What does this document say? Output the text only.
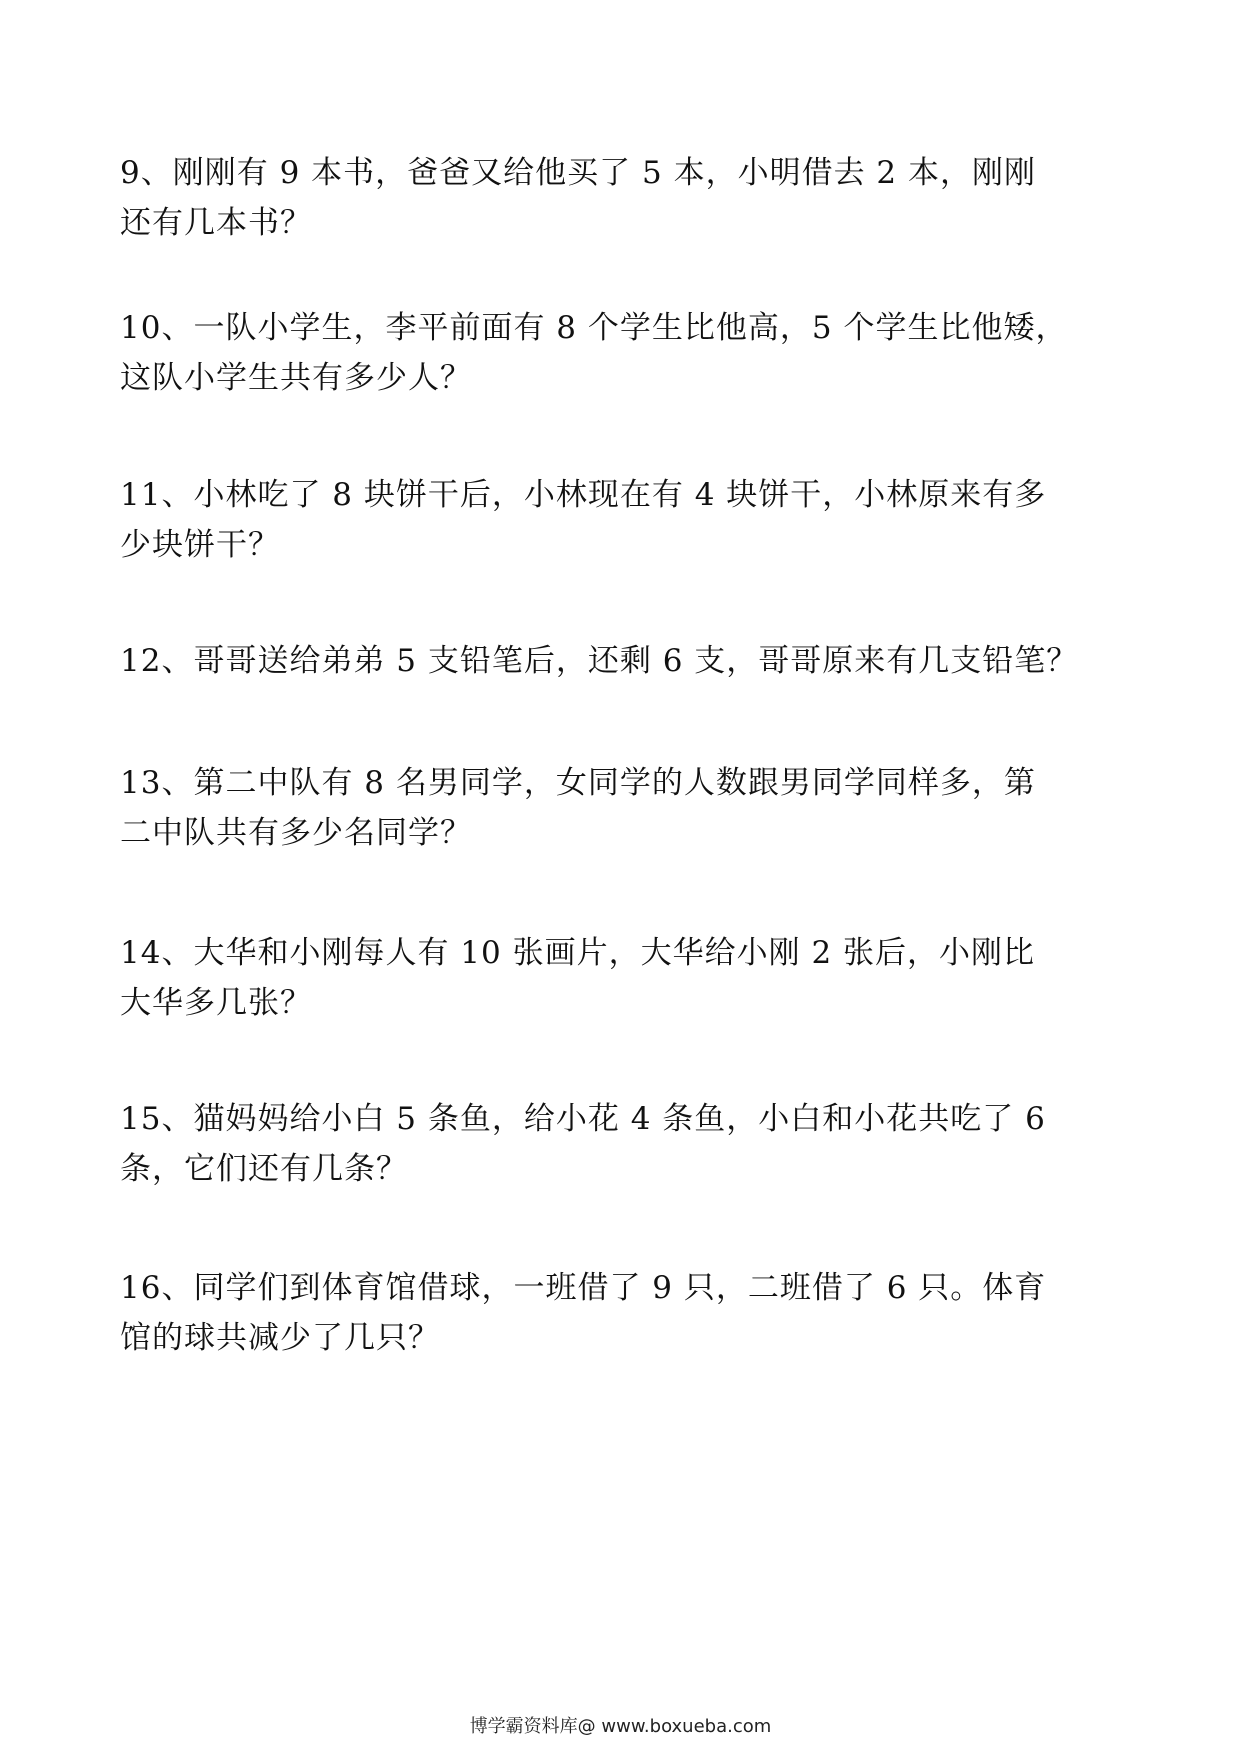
9、刚刚有 9 本书，爸爸又给他买了 5 本，小明借去 2 本，刚刚
还有几本书？
10、一队小学生，李平前面有 8 个学生比他高，5 个学生比他矮，
这队小学生共有多少人？
11、小林吃了 8 块饼干后，小林现在有 4 块饼干，小林原来有多
少块饼干？
12、哥哥送给弟弟 5 支铅笔后，还剩 6 支，哥哥原来有几支铅笔？
13、第二中队有 8 名男同学，女同学的人数跟男同学同样多，第
二中队共有多少名同学？
14、大华和小刚每人有 10 张画片，大华给小刚 2 张后，小刚比
大华多几张？
15、猫妈妈给小白 5 条鱼，给小花 4 条鱼，小白和小花共吃了 6
条，它们还有几条？
16、同学们到体育馆借球，一班借了 9 只，二班借了 6 只。体育
馆的球共减少了几只？
博学霸资料库@ www.boxueba.com
